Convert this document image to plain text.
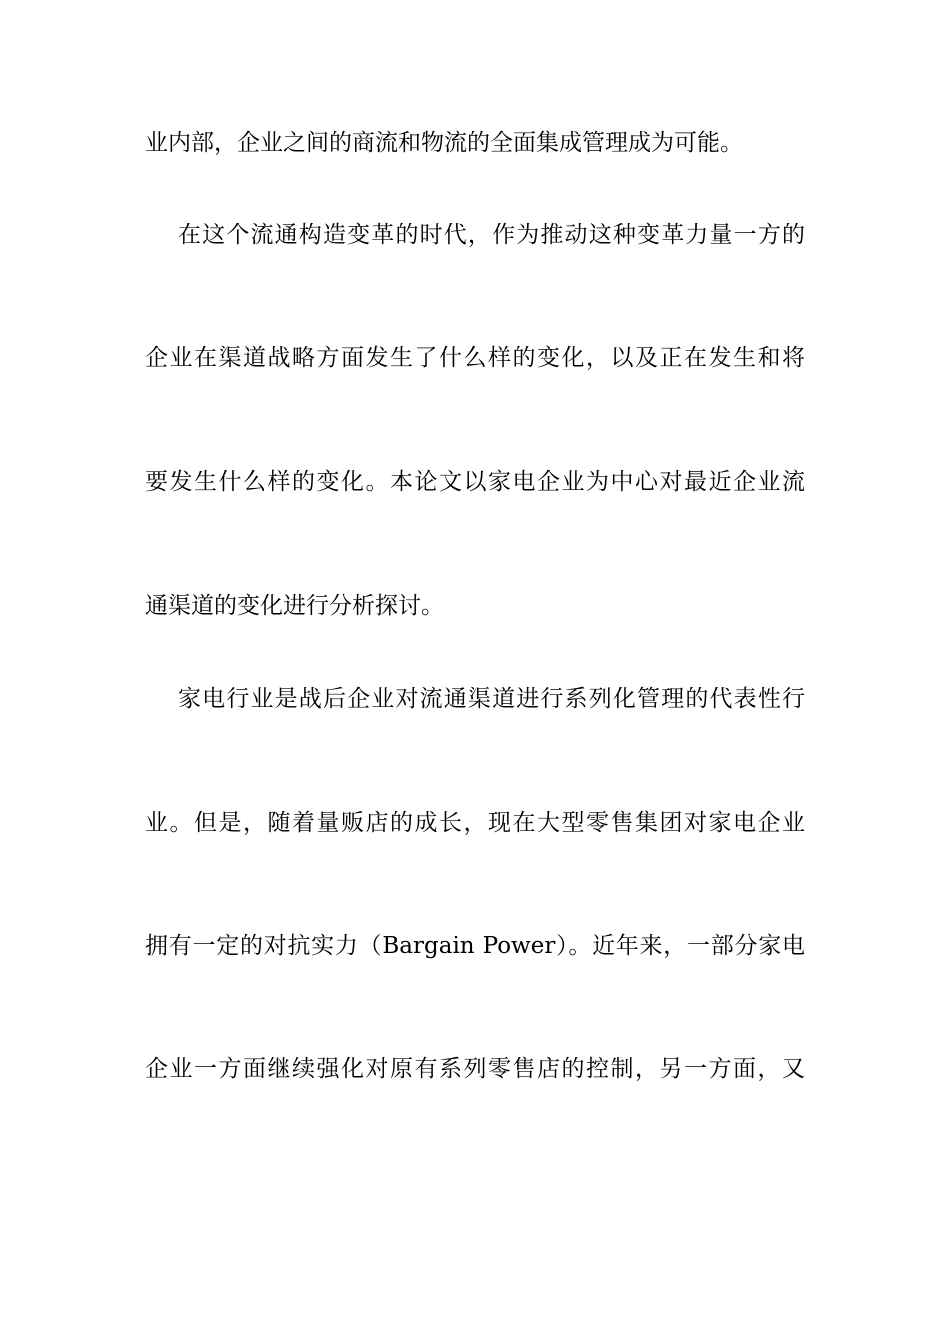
业内部，企业之间的商流和物流的全面集成管理成为可能。
在这个流通构造变革的时代，作为推动这种变革力量一方的
企业在渠道战略方面发生了什么样的变化，以及正在发生和将
要发生什么样的变化。本论文以家电企业为中心对最近企业流
通渠道的变化进行分析探讨。
家电行业是战后企业对流通渠道进行系列化管理的代表性行
业。但是，随着量贩店的成长，现在大型零售集团对家电企业
拥有一定的对抗实力（Bargain Power）。近年来，一部分家电
企业一方面继续强化对原有系列零售店的控制，另一方面，又
